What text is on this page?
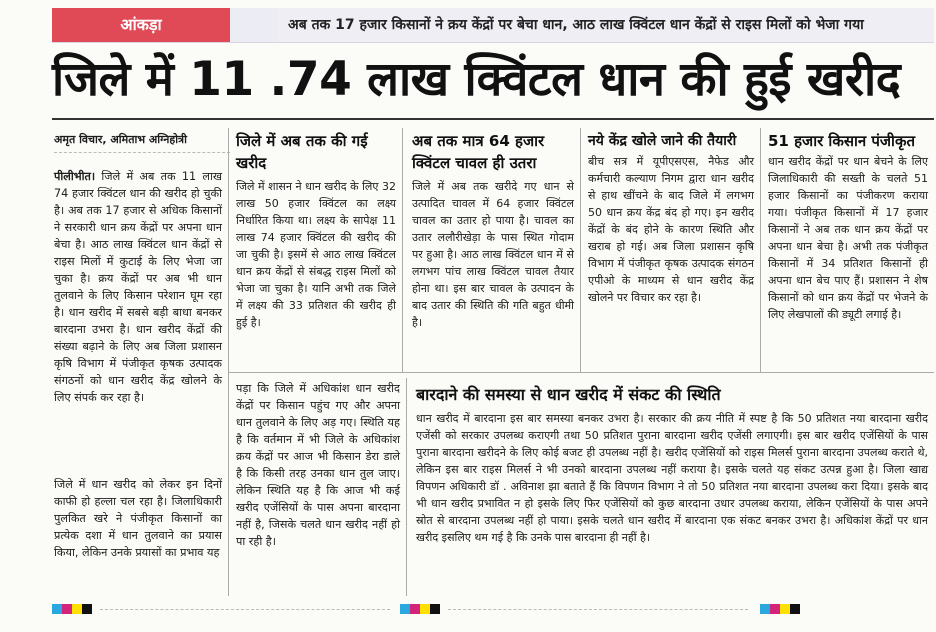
आंकड़ा	अब तक 17 हजार किसानों ने क्रय केंद्रों पर बेचा धान, आठ लाख क्विंटल धान केंद्रों से राइस मिलों को भेजा गया
जिले में 11 .74 लाख क्विंटल धान की हुई खरीद
अमृत विचार, अमिताभ अग्निहोत्री
पीलीभीत। जिले में अब तक 11 लाख 74 हजार क्विंटल धान की खरीद हो चुकी है। अब तक 17 हजार से अधिक किसानों ने सरकारी धान क्रय केंद्रों पर अपना धान बेचा है। आठ लाख क्विंटल धान केंद्रों से राइस मिलों में कुटाई के लिए भेजा जा चुका है। क्रय केंद्रों पर अब भी धान तुलवाने के लिए किसान परेशान घूम रहा है। धान खरीद में सबसे बड़ी बाधा बनकर बारदाना उभरा है। धान खरीद केंद्रों की संख्या बढ़ाने के लिए अब जिला प्रशासन कृषि विभाग में पंजीकृत कृषक उत्पादक संगठनों को धान खरीद केंद्र खोलने के लिए संपर्क कर रहा है।
जिले में धान खरीद को लेकर इन दिनों काफी हो हल्ला चल रहा है। जिलाधिकारी पुलकित खरे ने पंजीकृत किसानों का प्रत्येक दशा में धान तुलवाने का प्रयास किया, लेकिन उनके प्रयासों का प्रभाव यह
जिले में अब तक की गई खरीद
जिले में शासन ने धान खरीद के लिए 32 लाख 50 हजार क्विंटल का लक्ष्य निर्धारित किया था। लक्ष्य के सापेक्ष 11 लाख 74 हजार क्विंटल की खरीद की जा चुकी है। इसमें से आठ लाख क्विंटल धान क्रय केंद्रों से संबद्ध राइस मिलों को भेजा जा चुका है। यानि अभी तक जिले में लक्ष्य की 33 प्रतिशत की खरीद ही हुई है।
अब तक मात्र 64 हजार क्विंटल चावल ही उतरा
जिले में अब तक खरीदे गए धान से उत्पादित चावल में 64 हजार क्विंटल चावल का उतार हो पाया है। चावल का उतार ललौरीखेड़ा के पास स्थित गोदाम पर हुआ है। आठ लाख क्विंटल धान में से लगभग पांच लाख क्विंटल चावल तैयार होना था। इस बार चावल के उत्पादन के बाद उतार की स्थिति की गति बहुत धीमी है।
नये केंद्र खोले जाने की तैयारी
बीच सत्र में यूपीएसएस, नैफेड और कर्मचारी कल्याण निगम द्वारा धान खरीद से हाथ खींचने के बाद जिले में लगभग 50 धान क्रय केंद्र बंद हो गए। इन खरीद केंद्रों के बंद होने के कारण स्थिति और खराब हो गई। अब जिला प्रशासन कृषि विभाग में पंजीकृत कृषक उत्पादक संगठन एपीओ के माध्यम से धान खरीद केंद्र खोलने पर विचार कर रहा है।
51 हजार किसान पंजीकृत
धान खरीद केंद्रों पर धान बेचने के लिए जिलाधिकारी की सख्ती के चलते 51 हजार किसानों का पंजीकरण कराया गया। पंजीकृत किसानों में 17 हजार किसानों ने अब तक धान क्रय केंद्रों पर अपना धान बेचा है। अभी तक पंजीकृत किसानों में 34 प्रतिशत किसानों ही अपना धान बेच पाए हैं। प्रशासन ने शेष किसानों को धान क्रय केंद्रों पर भेजने के लिए लेखपालों की ड्यूटी लगाई है।
पड़ा कि जिले में अधिकांश धान खरीद केंद्रों पर किसान पहुंच गए और अपना धान तुलवाने के लिए अड़ गए। स्थिति यह है कि वर्तमान में भी जिले के अधिकांश क्रय केंद्रों पर आज भी किसान डेरा डाले है कि किसी तरह उनका धान तुल जाए। लेकिन स्थिति यह है कि आज भी कई खरीद एजेंसियों के पास अपना बारदाना नहीं है, जिसके चलते धान खरीद नहीं हो पा रही है।
बारदाने की समस्या से धान खरीद में संकट की स्थिति
धान खरीद में बारदाना इस बार समस्या बनकर उभरा है। सरकार की क्रय नीति में स्पष्ट है कि 50 प्रतिशत नया बारदाना खरीद एजेंसी को सरकार उपलब्ध कराएगी तथा 50 प्रतिशत पुराना बारदाना खरीद एजेंसी लगाएगी। इस बार खरीद एजेंसियों के पास पुराना बारदाना खरीदने के लिए कोई बजट ही उपलब्ध नहीं है। खरीद एजेंसियों को राइस मिलर्स पुराना बारदाना उपलब्ध कराते थे, लेकिन इस बार राइस मिलर्स ने भी उनको बारदाना उपलब्ध नहीं कराया है। इसके चलते यह संकट उत्पन्न हुआ है। जिला खाद्य विपणन अधिकारी डॉ . अविनाश झा बताते हैं कि विपणन विभाग ने तो 50 प्रतिशत नया बारदाना उपलब्ध करा दिया। इसके बाद भी धान खरीद प्रभावित न हो इसके लिए फिर एजेंसियों को कुछ बारदाना उधार उपलब्ध कराया, लेकिन एजेंसियों के पास अपने स्रोत से बारदाना उपलब्ध नहीं हो पाया। इसके चलते धान खरीद में बारदाना एक संकट बनकर उभरा है। अधिकांश केंद्रों पर धान खरीद इसलिए थम गई है कि उनके पास बारदाना ही नहीं है।
